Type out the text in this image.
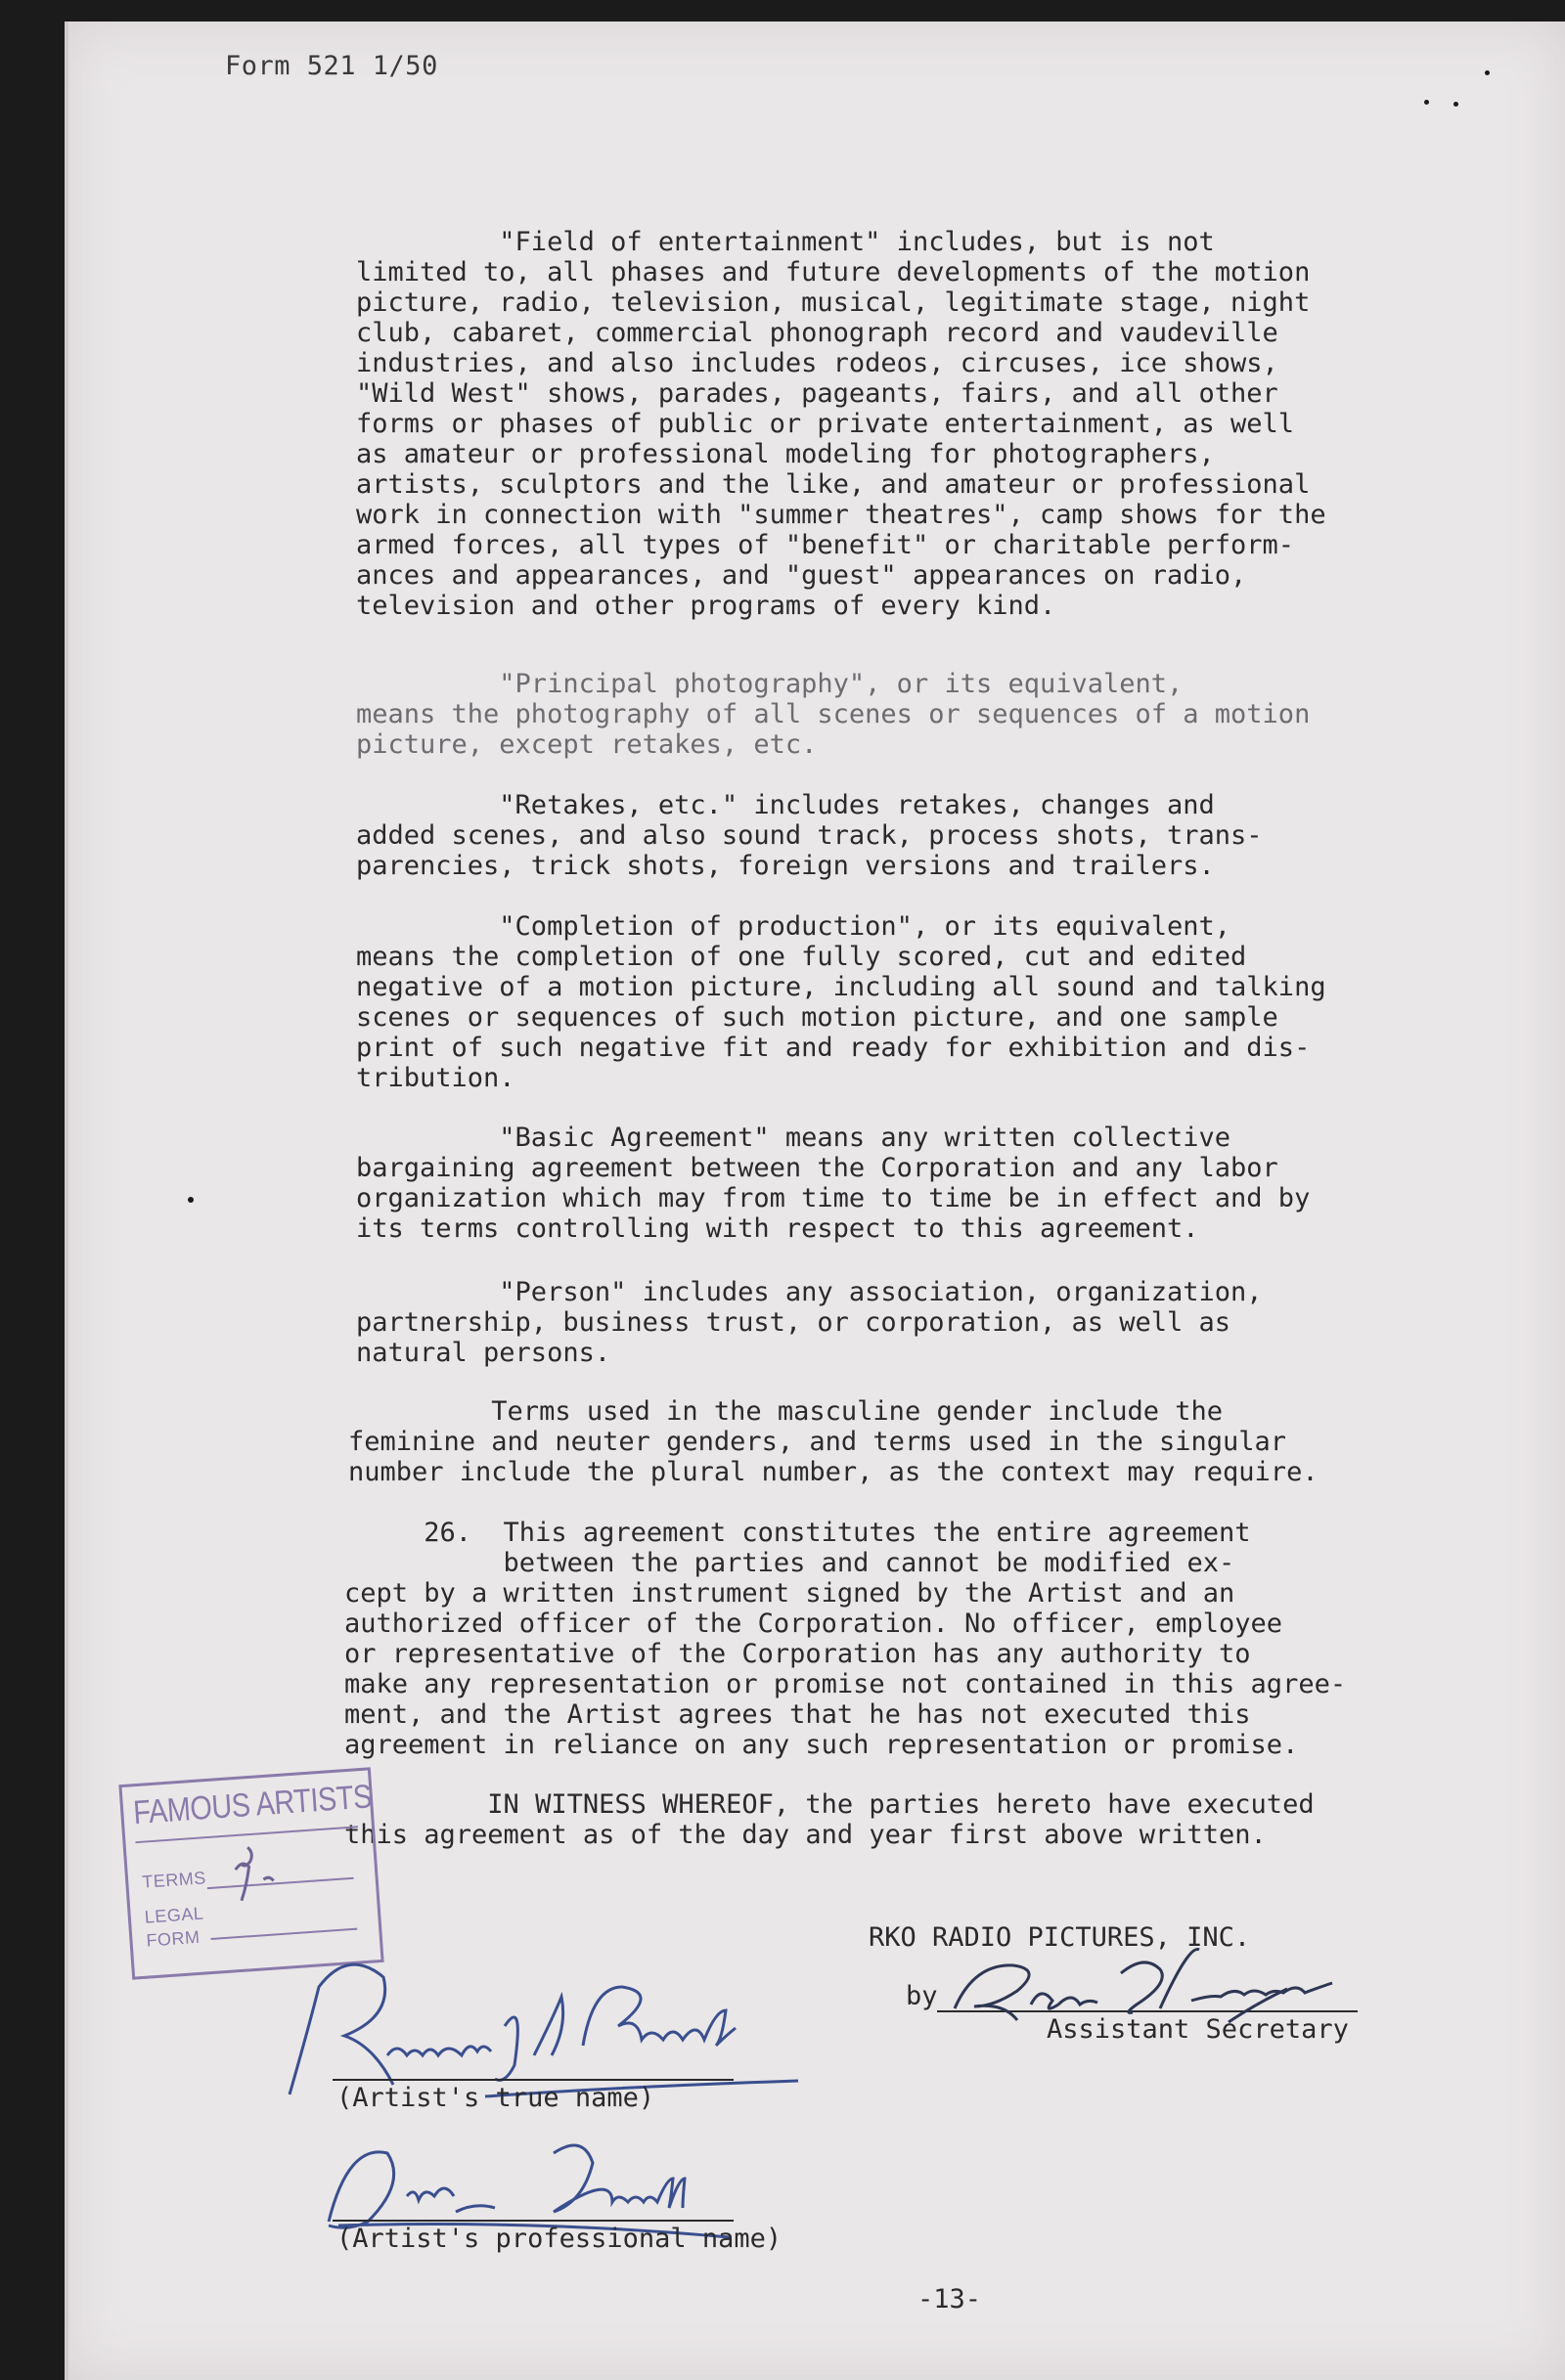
Form 521 1/50
"Field of entertainment" includes, but is not
limited to, all phases and future developments of the motion
picture, radio, television, musical, legitimate stage, night
club, cabaret, commercial phonograph record and vaudeville
industries, and also includes rodeos, circuses, ice shows,
"Wild West" shows, parades, pageants, fairs, and all other
forms or phases of public or private entertainment, as well
as amateur or professional modeling for photographers,
artists, sculptors and the like, and amateur or professional
work in connection with "summer theatres", camp shows for the
armed forces, all types of "benefit" or charitable perform-
ances and appearances, and "guest" appearances on radio,
television and other programs of every kind.
"Principal photography", or its equivalent,
means the photography of all scenes or sequences of a motion
picture, except retakes, etc.
"Retakes, etc." includes retakes, changes and
added scenes, and also sound track, process shots, trans-
parencies, trick shots, foreign versions and trailers.
"Completion of production", or its equivalent,
means the completion of one fully scored, cut and edited
negative of a motion picture, including all sound and talking
scenes or sequences of such motion picture, and one sample
print of such negative fit and ready for exhibition and dis-
tribution.
"Basic Agreement" means any written collective
bargaining agreement between the Corporation and any labor
organization which may from time to time be in effect and by
its terms controlling with respect to this agreement.
"Person" includes any association, organization,
partnership, business trust, or corporation, as well as
natural persons.
Terms used in the masculine gender include the
feminine and neuter genders, and terms used in the singular
number include the plural number, as the context may require.
26.  This agreement constitutes the entire agreement
between the parties and cannot be modified ex-
cept by a written instrument signed by the Artist and an
authorized officer of the Corporation. No officer, employee
or representative of the Corporation has any authority to
make any representation or promise not contained in this agree-
ment, and the Artist agrees that he has not executed this
agreement in reliance on any such representation or promise.
IN WITNESS WHEREOF, the parties hereto have executed
this agreement as of the day and year first above written.
FAMOUS ARTISTS
TERMS
LEGAL
FORM	RKO RADIO PICTURES, INC.
by
Assistant Secretary
(Artist's true name)
(Artist's professional name)
-13-
